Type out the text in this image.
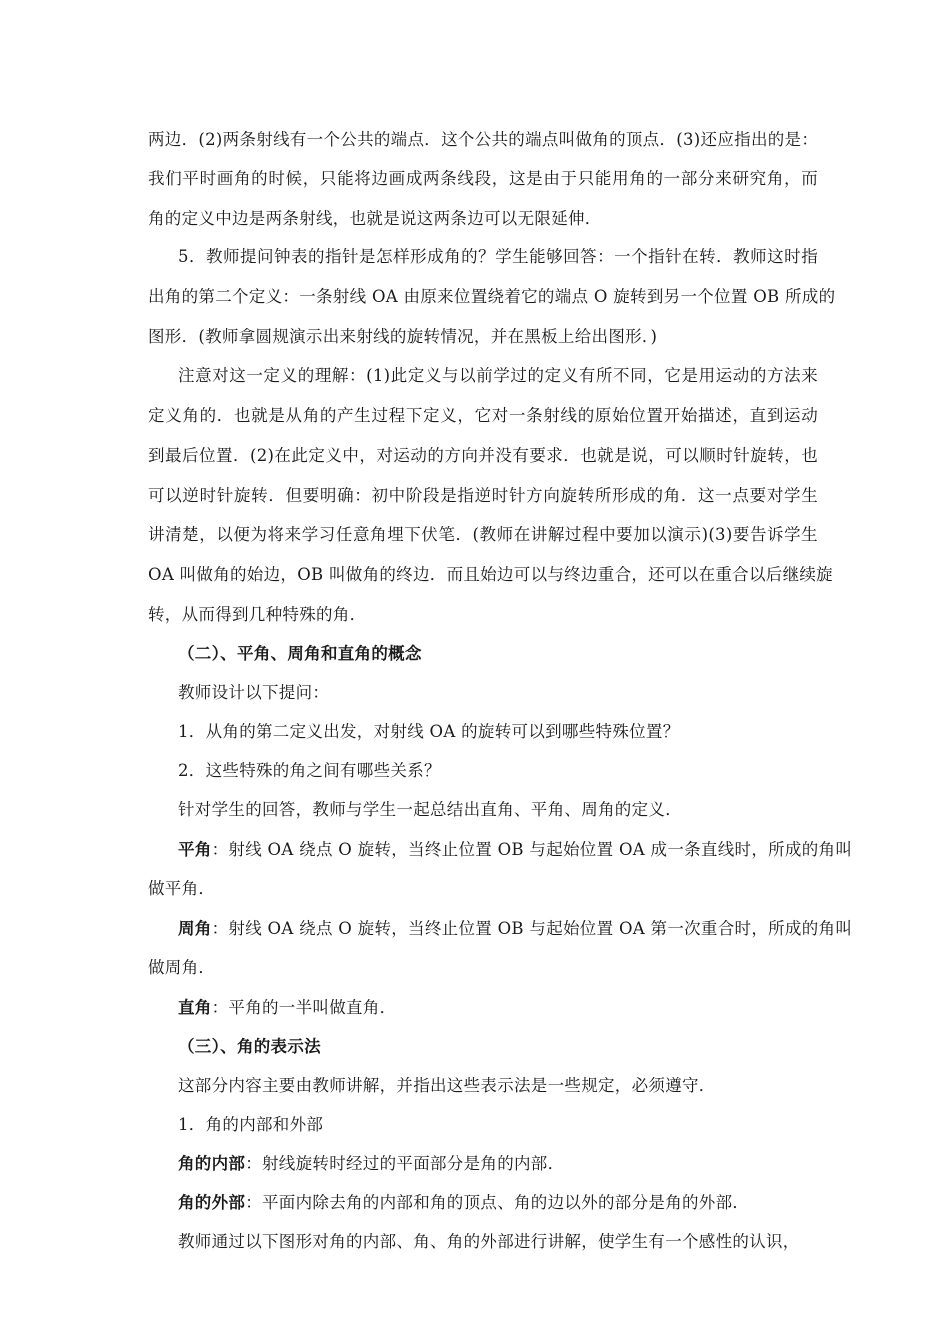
两边．(2)两条射线有一个公共的端点．这个公共的端点叫做角的顶点．(3)还应指出的是：
我们平时画角的时候，只能将边画成两条线段，这是由于只能用角的一部分来研究角，而
角的定义中边是两条射线，也就是说这两条边可以无限延伸．
5．教师提问钟表的指针是怎样形成角的？学生能够回答：一个指针在转．教师这时指
出角的第二个定义：一条射线 OA 由原来位置绕着它的端点 O 旋转到另一个位置 OB 所成的
图形．(教师拿圆规演示出来射线的旋转情况，并在黑板上给出图形．)
注意对这一定义的理解：(1)此定义与以前学过的定义有所不同，它是用运动的方法来
定义角的．也就是从角的产生过程下定义，它对一条射线的原始位置开始描述，直到运动
到最后位置．(2)在此定义中，对运动的方向并没有要求．也就是说，可以顺时针旋转，也
可以逆时针旋转．但要明确：初中阶段是指逆时针方向旋转所形成的角．这一点要对学生
讲清楚，以便为将来学习任意角埋下伏笔．(教师在讲解过程中要加以演示)(3)要告诉学生
OA 叫做角的始边，OB 叫做角的终边．而且始边可以与终边重合，还可以在重合以后继续旋
转，从而得到几种特殊的角．
（二）、平角、周角和直角的概念
教师设计以下提问：
1．从角的第二定义出发，对射线 OA 的旋转可以到哪些特殊位置？
2．这些特殊的角之间有哪些关系？
针对学生的回答，教师与学生一起总结出直角、平角、周角的定义．
平角：射线 OA 绕点 O 旋转，当终止位置 OB 与起始位置 OA 成一条直线时，所成的角叫
做平角．
周角：射线 OA 绕点 O 旋转，当终止位置 OB 与起始位置 OA 第一次重合时，所成的角叫
做周角．
直角：平角的一半叫做直角．
（三）、角的表示法
这部分内容主要由教师讲解，并指出这些表示法是一些规定，必须遵守．
1．角的内部和外部
角的内部：射线旋转时经过的平面部分是角的内部．
角的外部：平面内除去角的内部和角的顶点、角的边以外的部分是角的外部．
教师通过以下图形对角的内部、角、角的外部进行讲解，使学生有一个感性的认识，
